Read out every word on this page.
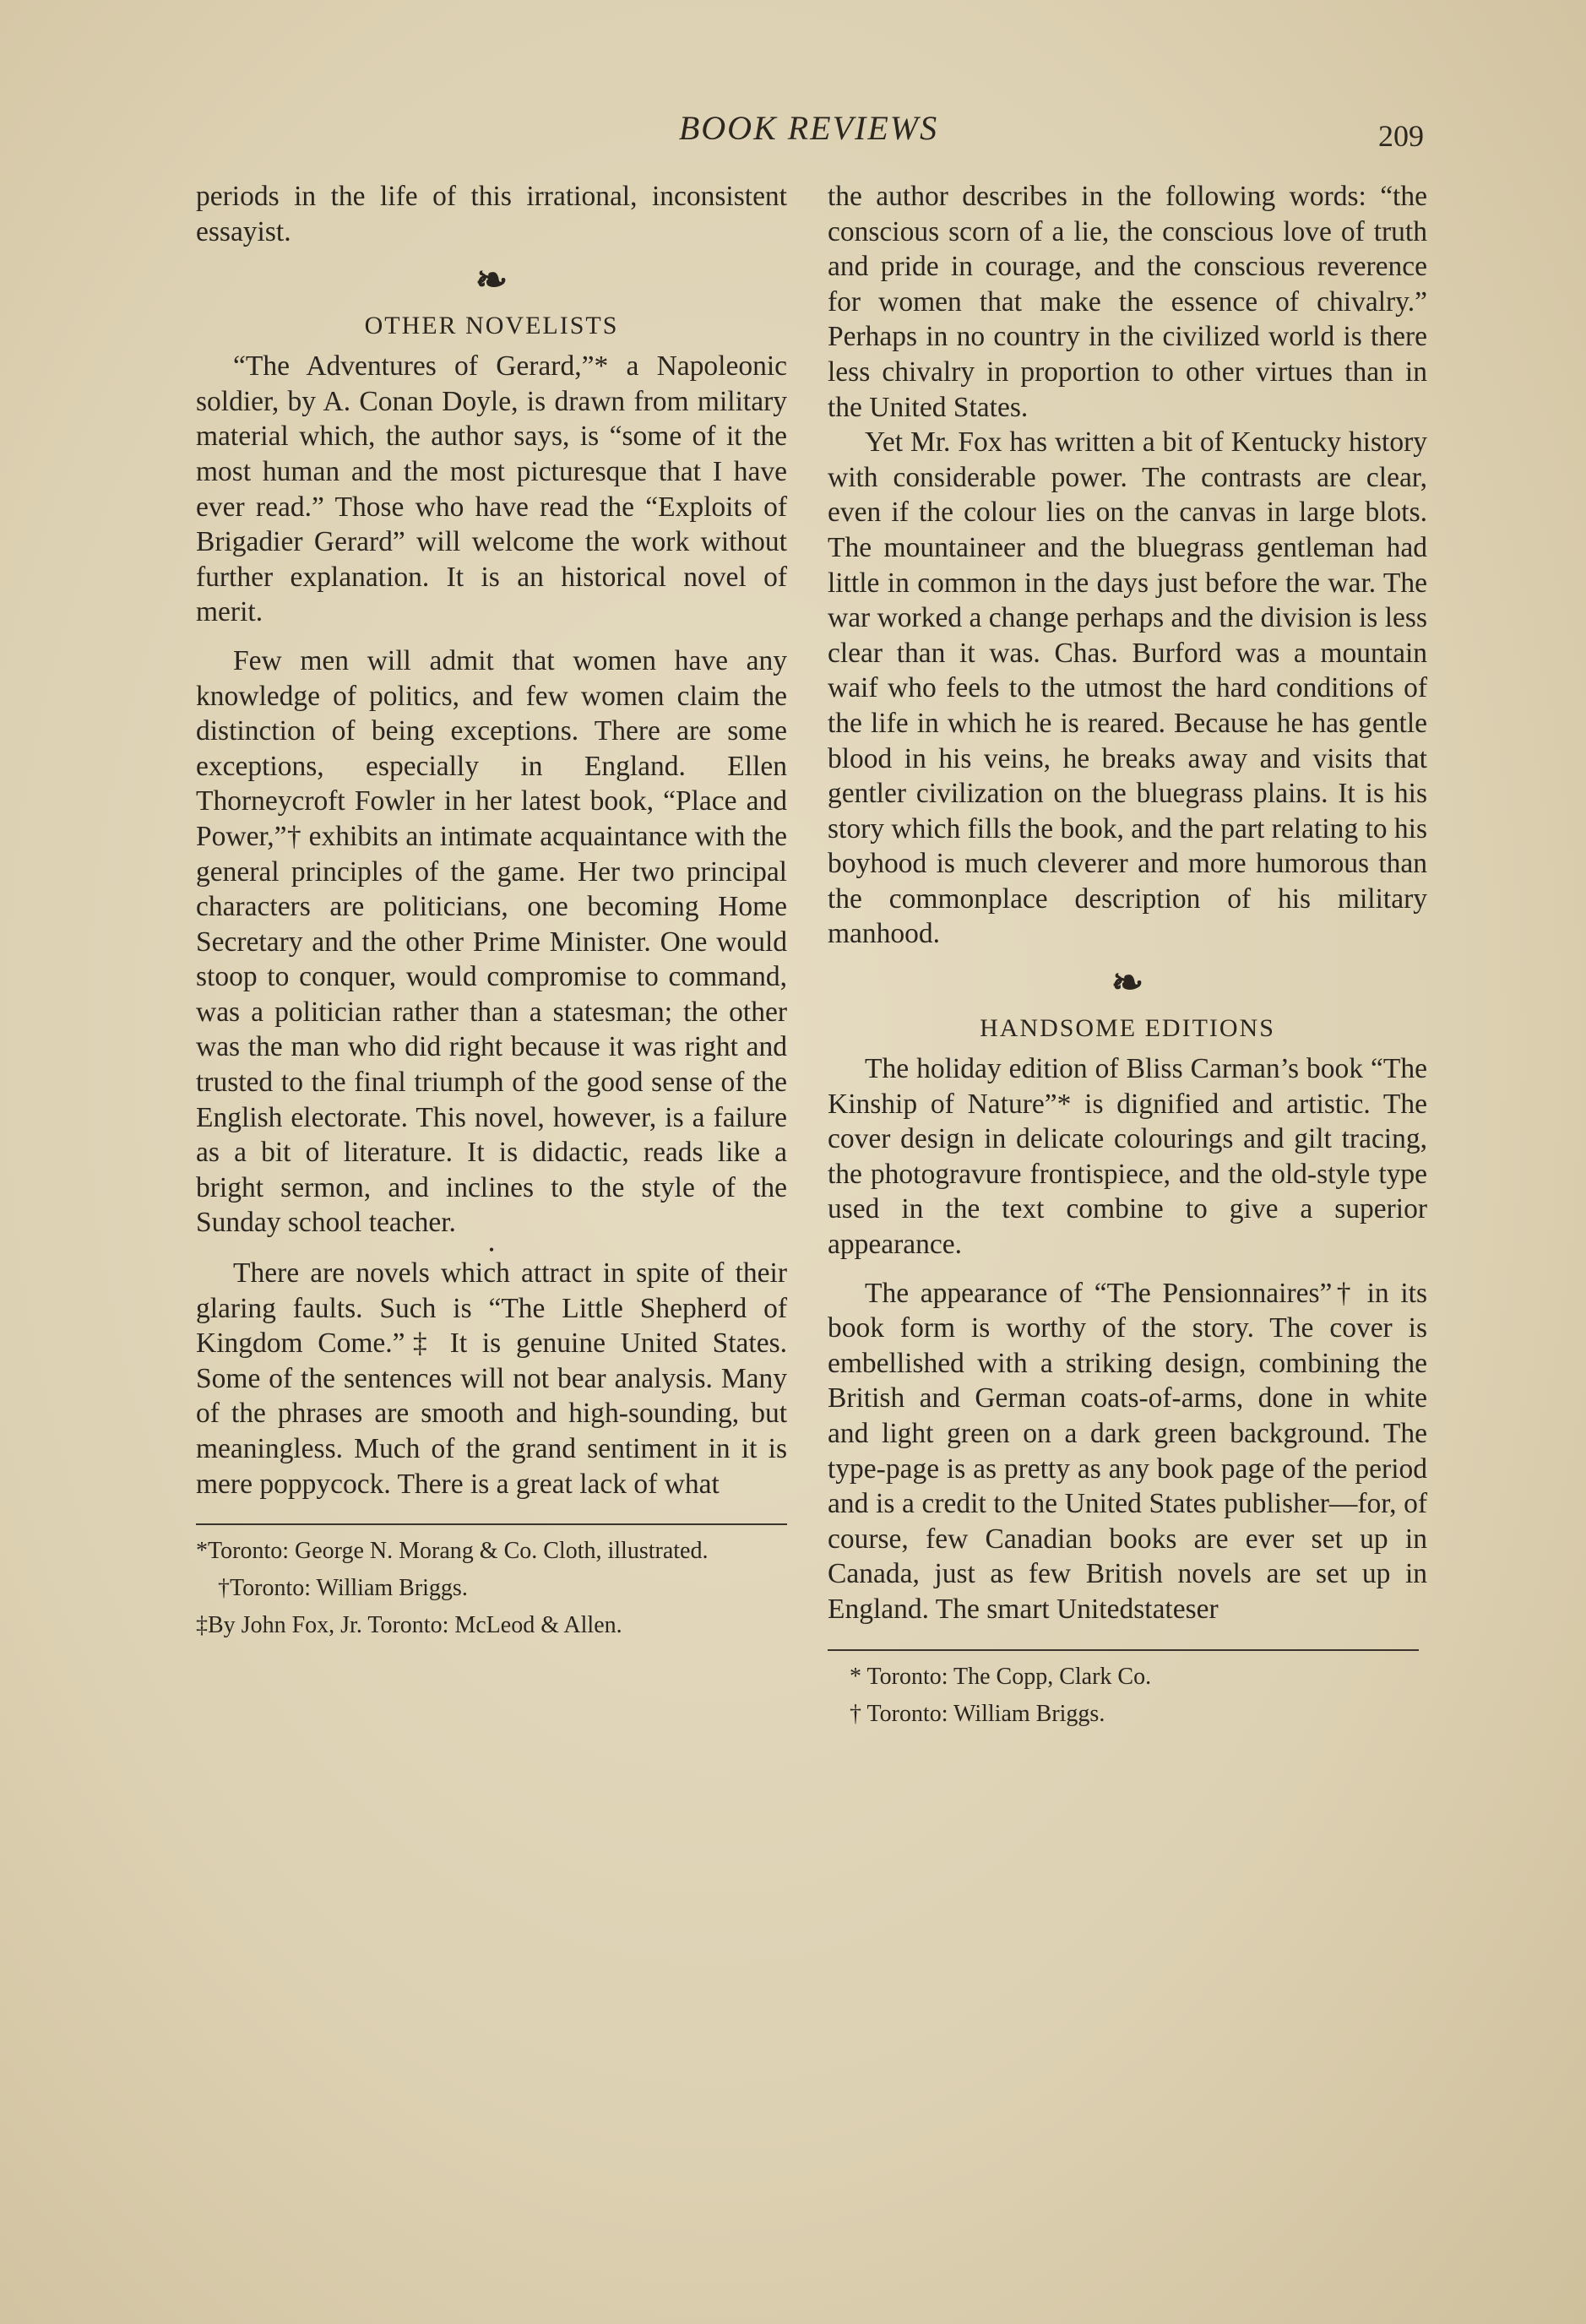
BOOK REVIEWS	209

periods in the life of this irrational, inconsistent essayist.

❧
OTHER NOVELISTS

“The Adventures of Gerard,”* a Napoleonic soldier, by A. Conan Doyle, is drawn from military material which, the author says, is “some of it the most human and the most picturesque that I have ever read.” Those who have read the “Exploits of Brigadier Gerard” will welcome the work without further explanation. It is an historical novel of merit.

Few men will admit that women have any knowledge of politics, and few women claim the distinction of being exceptions. There are some exceptions, especially in England. Ellen Thorneycroft Fowler in her latest book, “Place and Power,”† exhibits an intimate acquaintance with the general principles of the game. Her two principal characters are politicians, one becoming Home Secretary and the other Prime Minister. One would stoop to conquer, would compromise to command, was a politician rather than a statesman; the other was the man who did right because it was right and trusted to the final triumph of the good sense of the English electorate. This novel, however, is a failure as a bit of literature. It is didactic, reads like a bright sermon, and inclines to the style of the Sunday school teacher.

•

There are novels which attract in spite of their glaring faults. Such is “The Little Shepherd of Kingdom Come.”‡ It is genuine United States. Some of the sentences will not bear analysis. Many of the phrases are smooth and high-sounding, but meaningless. Much of the grand sentiment in it is mere poppycock. There is a great lack of what

*Toronto: George N. Morang & Co. Cloth, illustrated.

†Toronto: William Briggs.

‡By John Fox, Jr. Toronto: McLeod & Allen.

the author describes in the following words: “the conscious scorn of a lie, the conscious love of truth and pride in courage, and the conscious reverence for women that make the essence of chivalry.” Perhaps in no country in the civilized world is there less chivalry in proportion to other virtues than in the United States.

Yet Mr. Fox has written a bit of Kentucky history with considerable power. The contrasts are clear, even if the colour lies on the canvas in large blots. The mountaineer and the bluegrass gentleman had little in common in the days just before the war. The war worked a change perhaps and the division is less clear than it was. Chas. Burford was a mountain waif who feels to the utmost the hard conditions of the life in which he is reared. Because he has gentle blood in his veins, he breaks away and visits that gentler civilization on the bluegrass plains. It is his story which fills the book, and the part relating to his boyhood is much cleverer and more humorous than the commonplace description of his military manhood.

❧
HANDSOME EDITIONS

The holiday edition of Bliss Carman’s book “The Kinship of Nature”* is dignified and artistic. The cover design in delicate colourings and gilt tracing, the photogravure frontispiece, and the old-style type used in the text combine to give a superior appearance.

The appearance of “The Pensionnaires”† in its book form is worthy of the story. The cover is embellished with a striking design, combining the British and German coats-of-arms, done in white and light green on a dark green background. The type-page is as pretty as any book page of the period and is a credit to the United States publisher—for, of course, few Canadian books are ever set up in Canada, just as few British novels are set up in England. The smart Unitedstateser

* Toronto: The Copp, Clark Co.

† Toronto: William Briggs.
